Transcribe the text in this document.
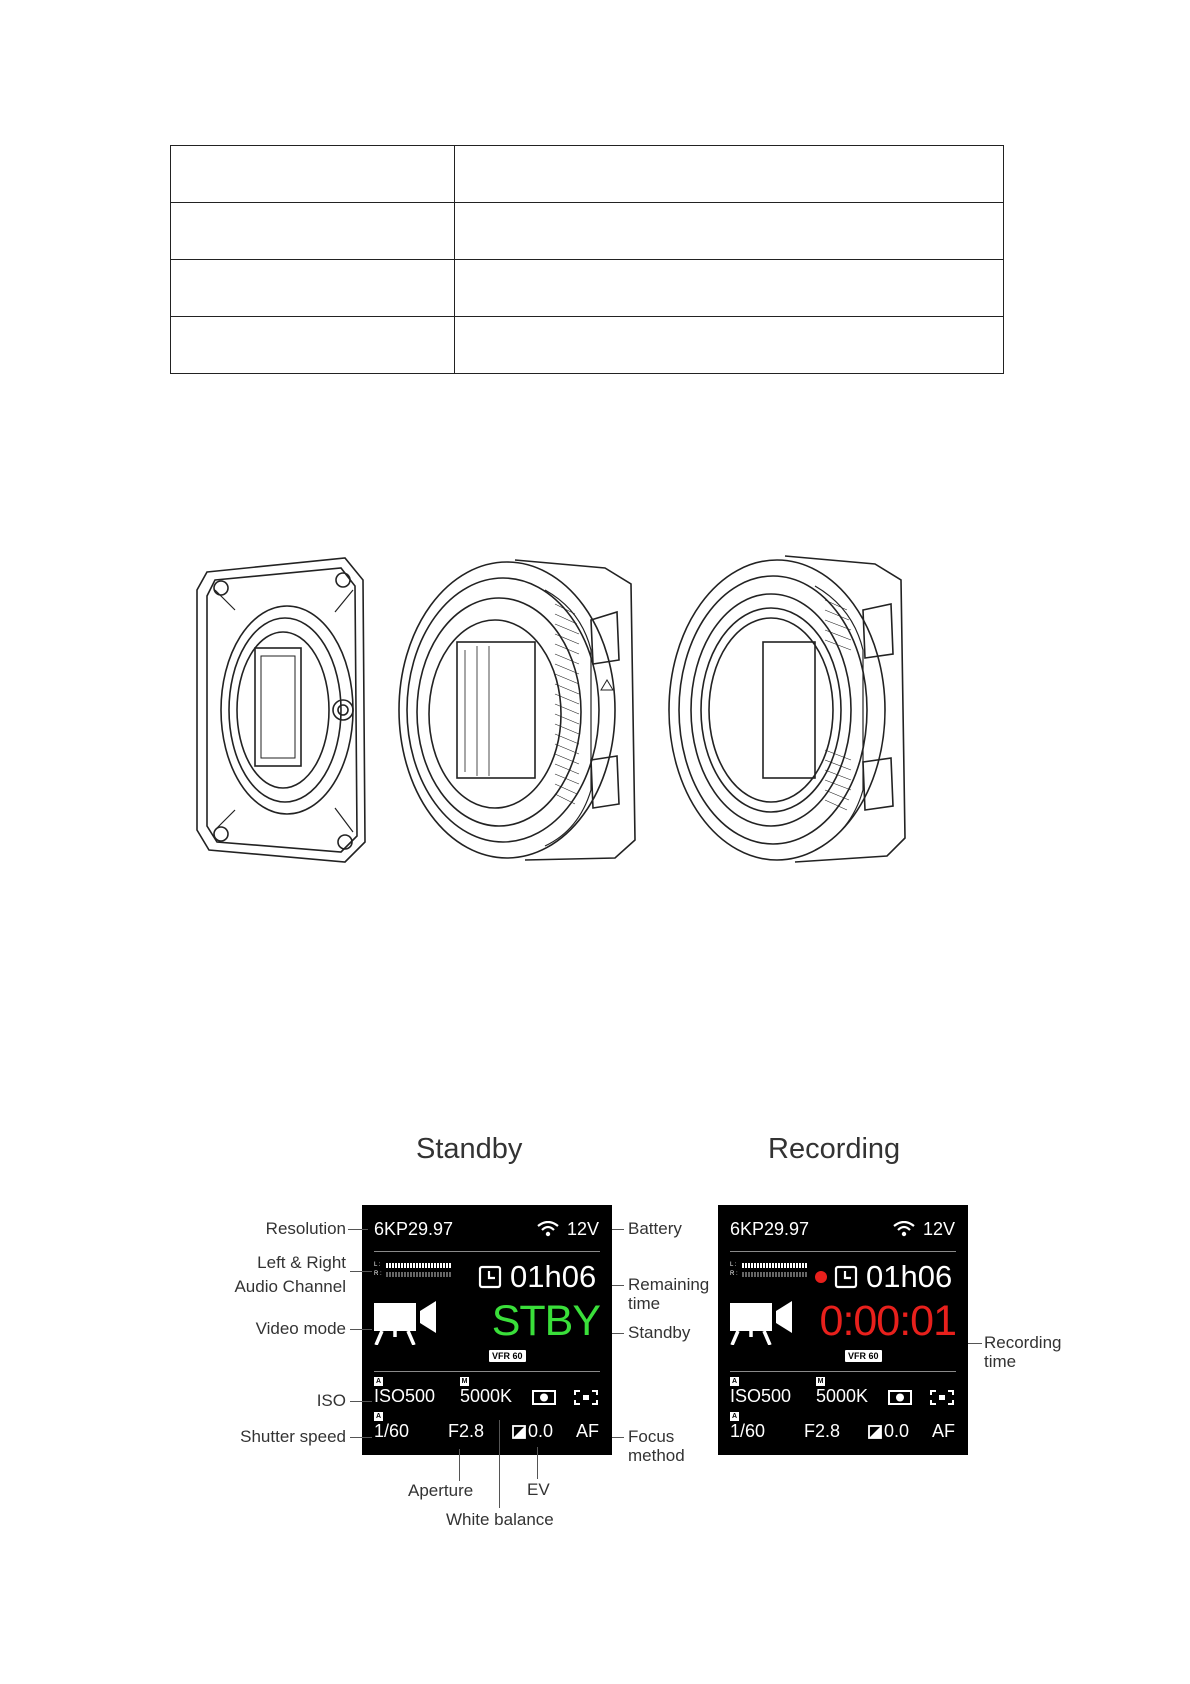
Standby	Recording
6KP29.97	12V
L :
R :	01h06
STBY
VFR 60
A	M
ISO500 5000K
A
1/60 F2.8 0.0 AF
6KP29.97	12V
L :
R :	01h06
0:00:01
VFR 60
A	M
ISO500 5000K
A
1/60 F2.8 0.0 AF
Resolution
Left & Right
Audio Channel
Video mode
ISO
Shutter speed
Battery
Remaining
time
Standby
Focus
method
Aperture	EV
White balance
Recording
time
